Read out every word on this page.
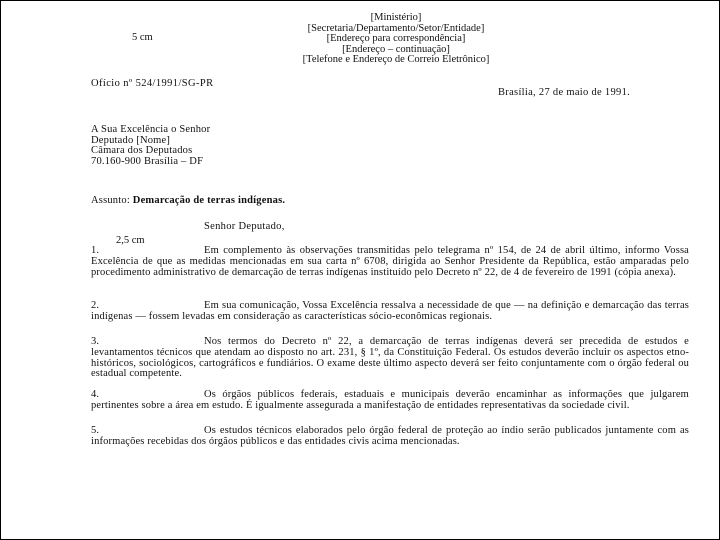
5 cm
[Ministério]
[Secretaria/Departamento/Setor/Entidade]
[Endereço para correspondência]
[Endereço – continuação]
[Telefone e Endereço de Correio Eletrônico]
Ofício nº 524/1991/SG-PR
Brasília, 27 de maio de 1991.
A Sua Excelência o Senhor
Deputado [Nome]
Câmara dos Deputados
70.160-900 Brasília – DF
Assunto: Demarcação de terras indígenas.
Senhor Deputado,
2,5 cm
1.	Em complemento às observações transmitidas pelo telegrama nº 154, de 24 de abril último, informo Vossa Excelência de que as medidas mencionadas em sua carta nº 6708, dirigida ao Senhor Presidente da República, estão amparadas pelo procedimento administrativo de demarcação de terras indígenas instituído pelo Decreto nº 22, de 4 de fevereiro de 1991 (cópia anexa).
2.	Em sua comunicação, Vossa Excelência ressalva a necessidade de que — na definição e demarcação das terras indígenas — fossem levadas em consideração as características sócio-econômicas regionais.
3.	Nos termos do Decreto nº 22, a demarcação de terras indígenas deverá ser precedida de estudos e levantamentos técnicos que atendam ao disposto no art. 231, § 1º, da Constituição Federal. Os estudos deverão incluir os aspectos etno-históricos, sociológicos, cartográficos e fundiários. O exame deste último aspecto deverá ser feito conjuntamente com o órgão federal ou estadual competente.
4.	Os órgãos públicos federais, estaduais e municipais deverão encaminhar as informações que julgarem pertinentes sobre a área em estudo. É igualmente assegurada a manifestação de entidades representativas da sociedade civil.
5.	Os estudos técnicos elaborados pelo órgão federal de proteção ao índio serão publicados juntamente com as informações recebidas dos órgãos públicos e das entidades civis acima mencionadas.
